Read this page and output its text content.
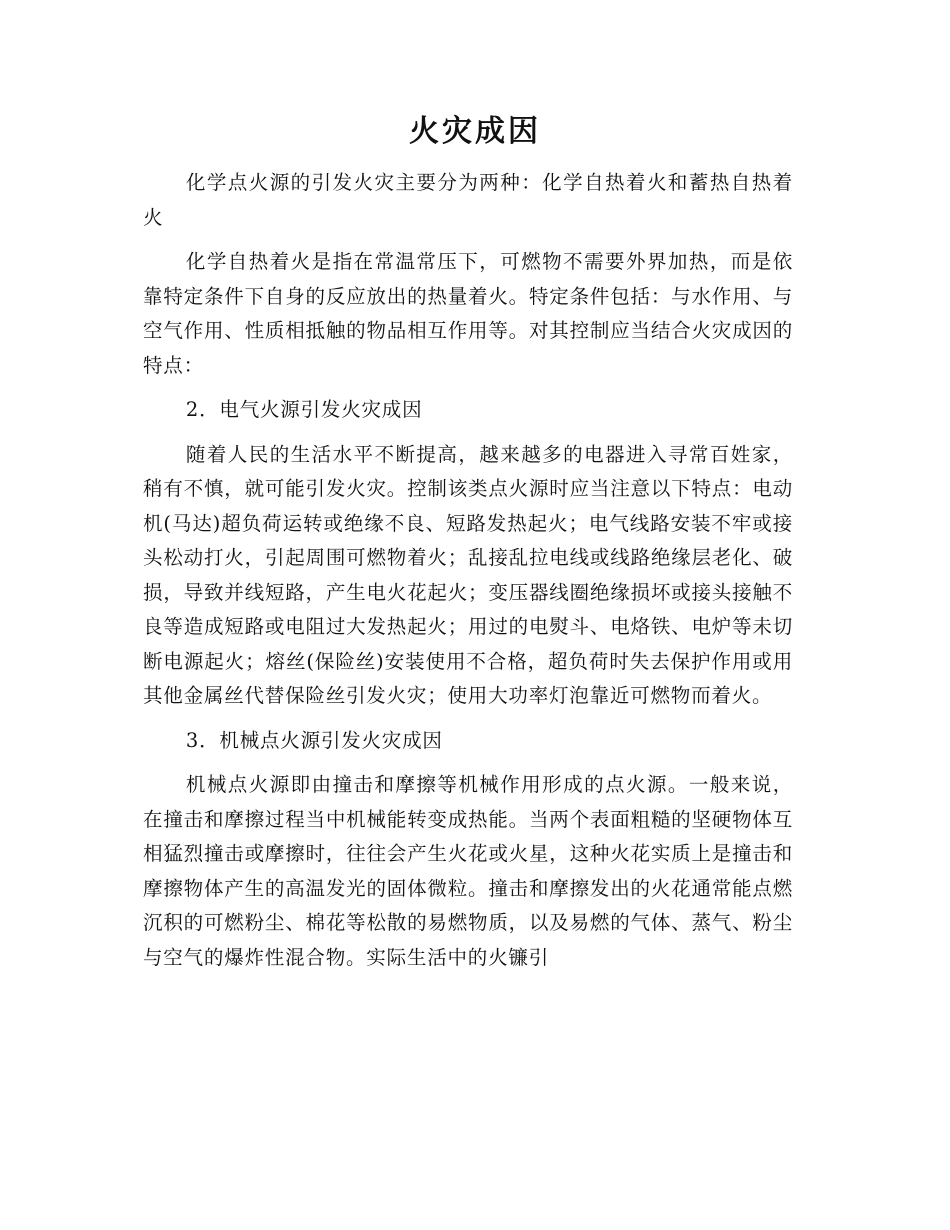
火灾成因

化学点火源的引发火灾主要分为两种：化学自热着火和蓄热自热着火

化学自热着火是指在常温常压下，可燃物不需要外界加热，而是依靠特定条件下自身的反应放出的热量着火。特定条件包括：与水作用、与空气作用、性质相抵触的物品相互作用等。对其控制应当结合火灾成因的特点：

2．电气火源引发火灾成因

随着人民的生活水平不断提高，越来越多的电器进入寻常百姓家，稍有不慎，就可能引发火灾。控制该类点火源时应当注意以下特点：电动机(马达)超负荷运转或绝缘不良、短路发热起火；电气线路安装不牢或接头松动打火，引起周围可燃物着火；乱接乱拉电线或线路绝缘层老化、破损，导致并线短路，产生电火花起火；变压器线圈绝缘损坏或接头接触不良等造成短路或电阻过大发热起火；用过的电熨斗、电烙铁、电炉等未切断电源起火；熔丝(保险丝)安装使用不合格，超负荷时失去保护作用或用其他金属丝代替保险丝引发火灾；使用大功率灯泡靠近可燃物而着火。

3．机械点火源引发火灾成因

机械点火源即由撞击和摩擦等机械作用形成的点火源。一般来说，在撞击和摩擦过程当中机械能转变成热能。当两个表面粗糙的坚硬物体互相猛烈撞击或摩擦时，往往会产生火花或火星，这种火花实质上是撞击和摩擦物体产生的高温发光的固体微粒。撞击和摩擦发出的火花通常能点燃沉积的可燃粉尘、棉花等松散的易燃物质，以及易燃的气体、蒸气、粉尘与空气的爆炸性混合物。实际生活中的火镰引
